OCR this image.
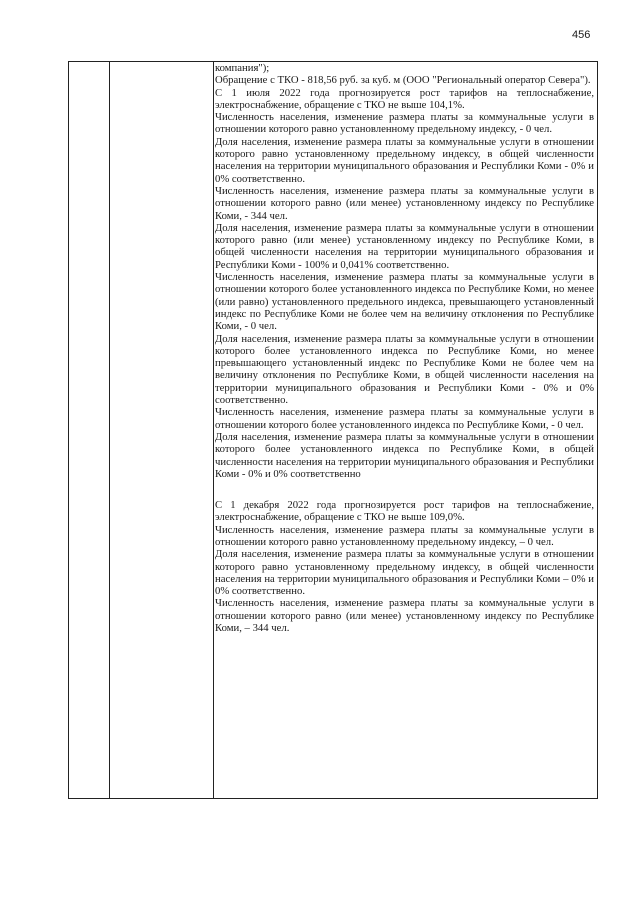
456

компания");

Обращение с ТКО - 818,56 руб. за куб. м (ООО "Региональный оператор Севера").

С 1 июля 2022 года прогнозируется рост тарифов на теплоснабжение, электроснабжение, обращение с ТКО не выше 104,1%.

Численность населения, изменение размера платы за коммунальные услуги в отношении которого равно установленному предельному индексу, - 0 чел.

Доля населения, изменение размера платы за коммунальные услуги в отношении которого равно установленному предельному индексу, в общей численности населения на территории муниципального образования и Республики Коми - 0% и 0% соответственно.

Численность населения, изменение размера платы за коммунальные услуги в отношении которого равно (или менее) установленному индексу по Республике Коми, - 344 чел.

Доля населения, изменение размера платы за коммунальные услуги в отношении которого равно (или менее) установленному индексу по Республике Коми, в общей численности населения на территории муниципального образования и Республики Коми - 100% и 0,041% соответственно.

Численность населения, изменение размера платы за коммунальные услуги в отношении которого более установленного индекса по Республике Коми, но менее (или равно) установленного предельного индекса, превышающего установленный индекс по Республике Коми не более чем на величину отклонения по Республике Коми, - 0 чел.

Доля населения, изменение размера платы за коммунальные услуги в отношении которого более установленного индекса по Республике Коми, но менее превышающего установленный индекс по Республике Коми не более чем на величину отклонения по Республике Коми, в общей численности населения на территории муниципального образования и Республики Коми - 0% и 0% соответственно.

Численность населения, изменение размера платы за коммунальные услуги в отношении которого более установленного индекса по Республике Коми, - 0 чел.

Доля населения, изменение размера платы за коммунальные услуги в отношении которого более установленного индекса по Республике Коми, в общей численности населения на территории муниципального образования и Республики Коми - 0% и 0% соответственно

С 1 декабря 2022 года прогнозируется рост тарифов на теплоснабжение, электроснабжение, обращение с ТКО не выше 109,0%.

Численность населения, изменение размера платы за коммунальные услуги в отношении которого равно установленному предельному индексу, – 0 чел.

Доля населения, изменение размера платы за коммунальные услуги в отношении которого равно установленному предельному индексу, в общей численности населения на территории муниципального образования и Республики Коми – 0% и 0% соответственно.

Численность населения, изменение размера платы за коммунальные услуги в отношении которого равно (или менее) установленному индексу по Республике Коми, – 344 чел.
